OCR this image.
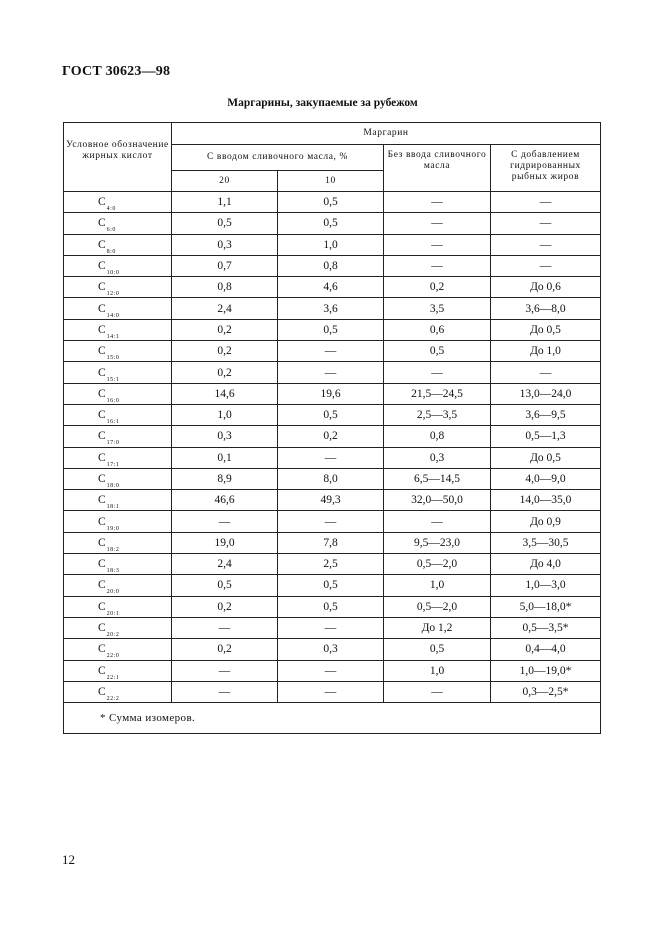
ГОСТ 30623—98
Маргарины, закупаемые за рубежом
Условное обозначение жирных кислот	Маргарин			
	С вводом сливочного масла, %		Без ввода сливочного масла	С добавлением гидрированных рыбных жиров
	20	10		
$C_{4:0}$	1,1	0,5	—	—
$C_{6:0}$	0,5	0,5	—	—
$C_{8:0}$	0,3	1,0	—	—
$C_{10:0}$	0,7	0,8	—	—
$C_{12:0}$	0,8	4,6	0,2	До 0,6
$C_{14:0}$	2,4	3,6	3,5	3,6—8,0
$C_{14:1}$	0,2	0,5	0,6	До 0,5
$C_{15:0}$	0,2	—	0,5	До 1,0
$C_{15:1}$	0,2	—	—	—
$C_{16:0}$	14,6	19,6	21,5—24,5	13,0—24,0
$C_{16:1}$	1,0	0,5	2,5—3,5	3,6—9,5
$C_{17:0}$	0,3	0,2	0,8	0,5—1,3
$C_{17:1}$	0,1	—	0,3	До 0,5
$C_{18:0}$	8,9	8,0	6,5—14,5	4,0—9,0
$C_{18:1}$	46,6	49,3	32,0—50,0	14,0—35,0
$C_{19:0}$	—	—	—	До 0,9
$C_{18:2}$	19,0	7,8	9,5—23,0	3,5—30,5
$C_{18:3}$	2,4	2,5	0,5—2,0	До 4,0
$C_{20:0}$	0,5	0,5	1,0	1,0—3,0
$C_{20:1}$	0,2	0,5	0,5—2,0	5,0—18,0*
$C_{20:2}$	—	—	До 1,2	0,5—3,5*
$C_{22:0}$	0,2	0,3	0,5	0,4—4,0
$C_{22:1}$	—	—	1,0	1,0—19,0*
$C_{22:2}$	—	—	—	0,3—2,5*
* Сумма изомеров.				
12
